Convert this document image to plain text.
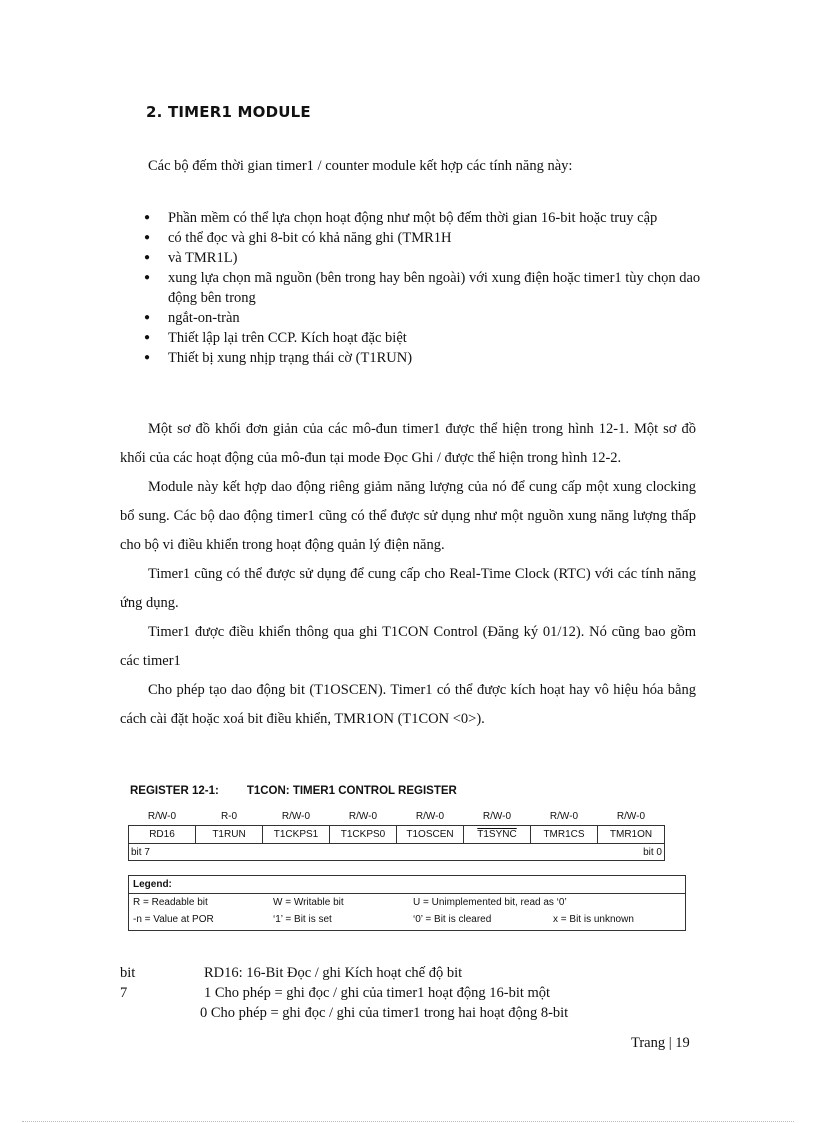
2. TIMER1 MODULE
Các bộ đếm thời gian timer1 / counter module kết hợp các tính năng này:
● Phần mềm có thể lựa chọn hoạt động như một bộ đếm thời gian 16-bit hoặc truy cập
● có thể đọc và ghi 8-bit có khả năng ghi (TMR1H
● và TMR1L)
● xung lựa chọn mã nguồn (bên trong hay bên ngoài) với xung điện hoặc timer1 tùy chọn dao động bên trong
● ngắt-on-tràn
● Thiết lập lại trên CCP. Kích hoạt đặc biệt
● Thiết bị xung nhịp trạng thái cờ (T1RUN)

Một sơ đồ khối đơn giản của các mô-đun timer1 được thể hiện trong hình 12-1. Một sơ đồ khối của các hoạt động của mô-đun tại mode Đọc Ghi / được thể hiện trong hình 12-2.

Module này kết hợp dao động riêng giảm năng lượng của nó để cung cấp một xung clocking bổ sung. Các bộ dao động timer1 cũng có thể được sử dụng như một nguồn xung năng lượng thấp cho bộ vi điều khiển trong hoạt động quản lý điện năng.

Timer1 cũng có thể được sử dụng để cung cấp cho Real-Time Clock (RTC) với các tính năng ứng dụng.

Timer1 được điều khiển thông qua ghi T1CON Control (Đăng ký 01/12). Nó cũng bao gồm các timer1

Cho phép tạo dao động bit (T1OSCEN). Timer1 có thể được kích hoạt hay vô hiệu hóa bằng cách cài đặt hoặc xoá bit điều khiển, TMR1ON (T1CON <0>).

REGISTER 12-1: T1CON: TIMER1 CONTROL REGISTER
R/W-0	R-0	R/W-0	R/W-0	R/W-0	R/W-0	R/W-0	R/W-0
RD16	T1RUN	T1CKPS1	T1CKPS0	T1OSCEN	T1SYNC	TMR1CS	TMR1ON
bit 7				bit 0			
Legend:
R = Readable bit	W = Writable bit	U = Unimplemented bit, read as ‘0’
-n = Value at POR	‘1’ = Bit is set	‘0’ = Bit is cleared	x = Bit is unknown
bit 7
RD16: 16-Bit Đọc / ghi Kích hoạt chế độ bit
1 Cho phép = ghi đọc / ghi của timer1 hoạt động 16-bit một
0 Cho phép = ghi đọc / ghi của timer1 trong hai hoạt động 8-bit
Trang | 19
